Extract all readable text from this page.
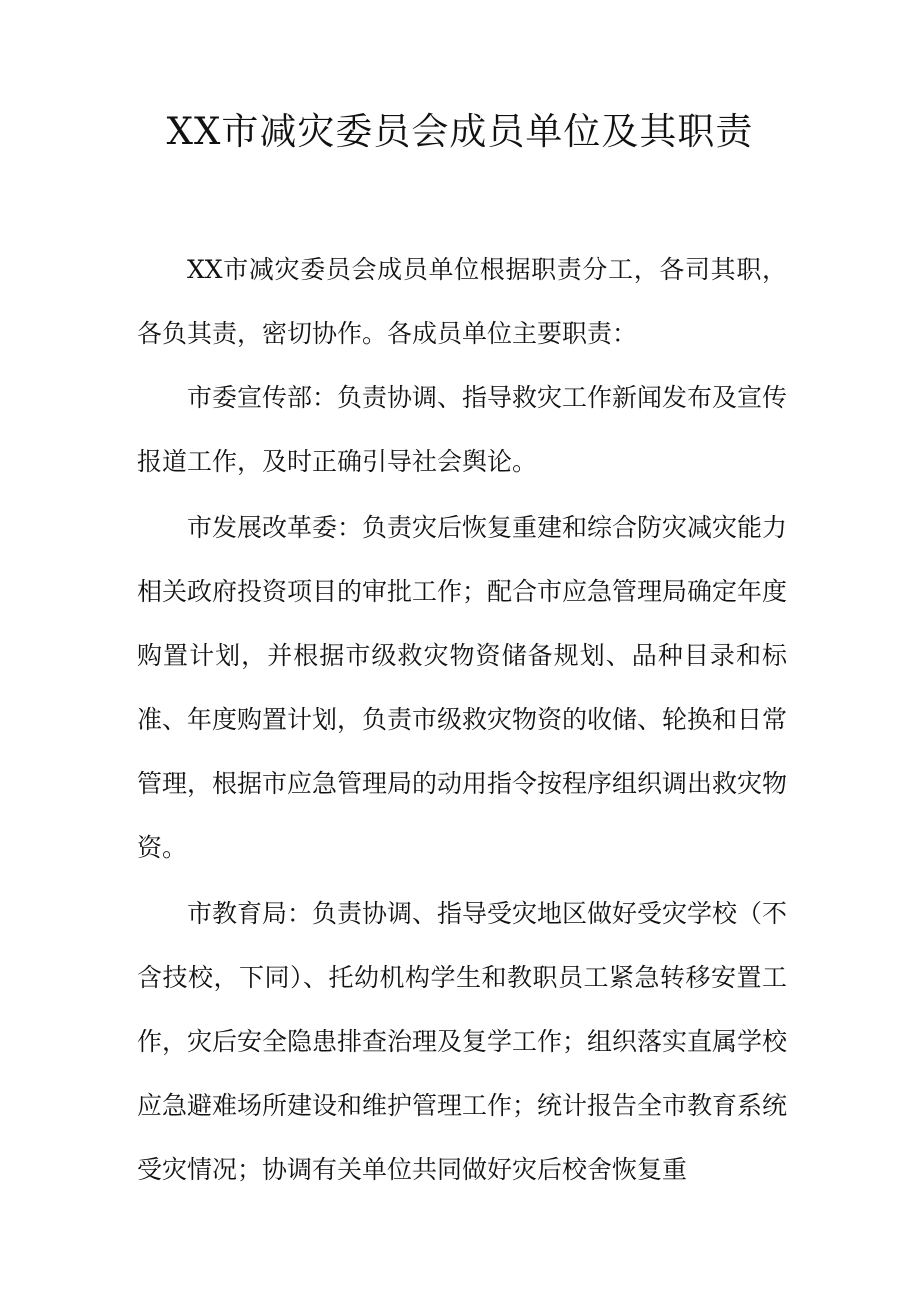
XX市减灾委员会成员单位及其职责

XX市减灾委员会成员单位根据职责分工，各司其职，各负其责，密切协作。各成员单位主要职责：

市委宣传部：负责协调、指导救灾工作新闻发布及宣传报道工作，及时正确引导社会舆论。

市发展改革委：负责灾后恢复重建和综合防灾减灾能力相关政府投资项目的审批工作；配合市应急管理局确定年度购置计划，并根据市级救灾物资储备规划、品种目录和标准、年度购置计划，负责市级救灾物资的收储、轮换和日常管理，根据市应急管理局的动用指令按程序组织调出救灾物资。

市教育局：负责协调、指导受灾地区做好受灾学校（不含技校，下同）、托幼机构学生和教职员工紧急转移安置工作，灾后安全隐患排查治理及复学工作；组织落实直属学校应急避难场所建设和维护管理工作；统计报告全市教育系统受灾情况；协调有关单位共同做好灾后校舍恢复重
